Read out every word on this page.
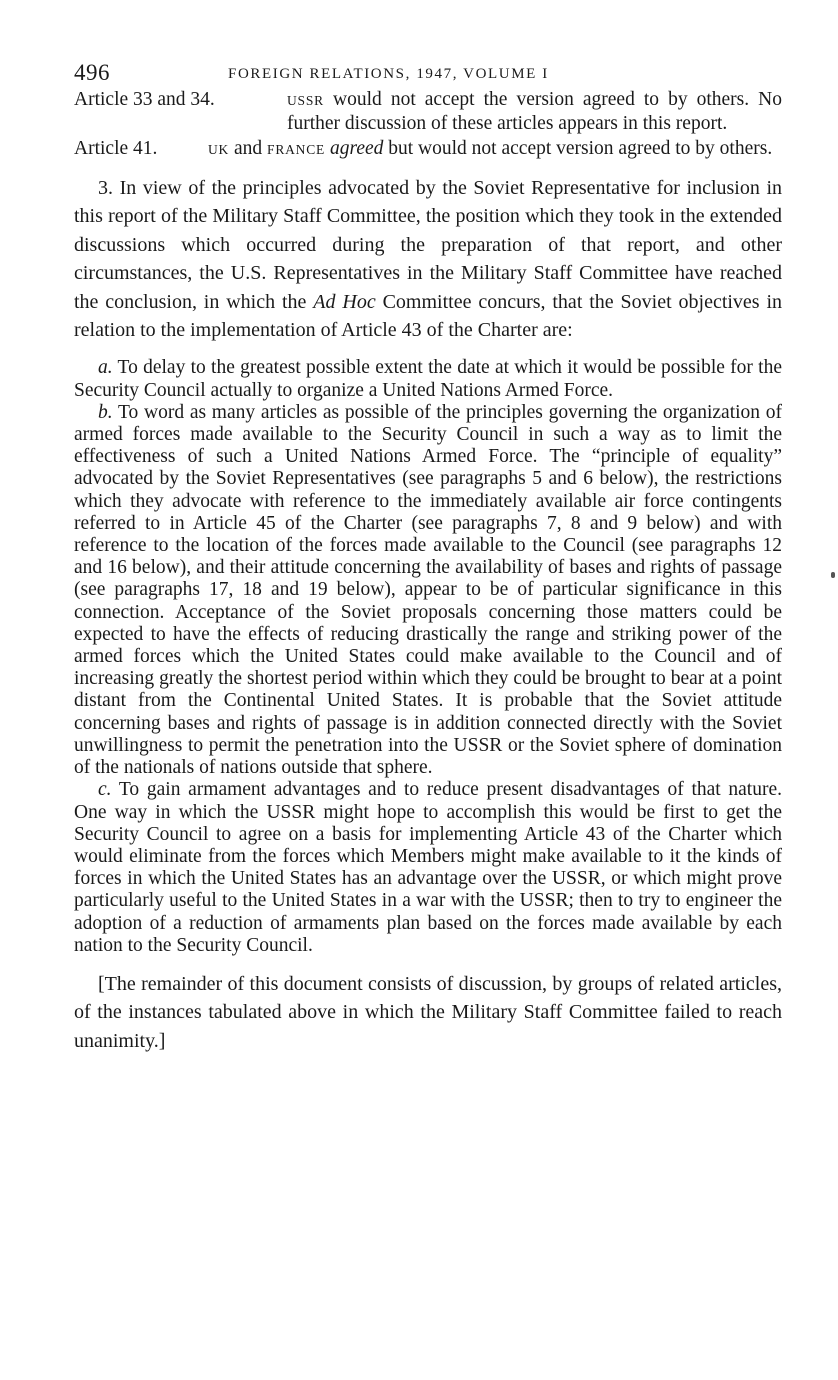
496	FOREIGN RELATIONS, 1947, VOLUME I
Article 33 and 34.	USSR would not accept the version agreed to by others. No further discussion of these articles appears in this report.
Article 41.	UK and FRANCE agreed but would not accept version agreed to by others.

3. In view of the principles advocated by the Soviet Representative for inclusion in this report of the Military Staff Committee, the position which they took in the extended discussions which occurred during the preparation of that report, and other circumstances, the U.S. Representatives in the Military Staff Committee have reached the conclusion, in which the Ad Hoc Committee concurs, that the Soviet objectives in relation to the implementation of Article 43 of the Charter are:

a. To delay to the greatest possible extent the date at which it would be possible for the Security Council actually to organize a United Nations Armed Force.

b. To word as many articles as possible of the principles governing the organization of armed forces made available to the Security Council in such a way as to limit the effectiveness of such a United Nations Armed Force. The “principle of equality” advocated by the Soviet Representatives (see paragraphs 5 and 6 below), the restrictions which they advocate with reference to the immediately available air force contingents referred to in Article 45 of the Charter (see paragraphs 7, 8 and 9 below) and with reference to the location of the forces made available to the Council (see paragraphs 12 and 16 below), and their attitude concerning the availability of bases and rights of passage (see paragraphs 17, 18 and 19 below), appear to be of particular significance in this connection. Acceptance of the Soviet proposals concerning those matters could be expected to have the effects of reducing drastically the range and striking power of the armed forces which the United States could make available to the Council and of increasing greatly the shortest period within which they could be brought to bear at a point distant from the Continental United States. It is probable that the Soviet attitude concerning bases and rights of passage is in addition connected directly with the Soviet unwillingness to permit the penetration into the USSR or the Soviet sphere of domination of the nationals of nations outside that sphere.

c. To gain armament advantages and to reduce present disadvantages of that nature. One way in which the USSR might hope to accomplish this would be first to get the Security Council to agree on a basis for implementing Article 43 of the Charter which would eliminate from the forces which Members might make available to it the kinds of forces in which the United States has an advantage over the USSR, or which might prove particularly useful to the United States in a war with the USSR; then to try to engineer the adoption of a reduction of armaments plan based on the forces made available by each nation to the Security Council.

[The remainder of this document consists of discussion, by groups of related articles, of the instances tabulated above in which the Military Staff Committee failed to reach unanimity.]
